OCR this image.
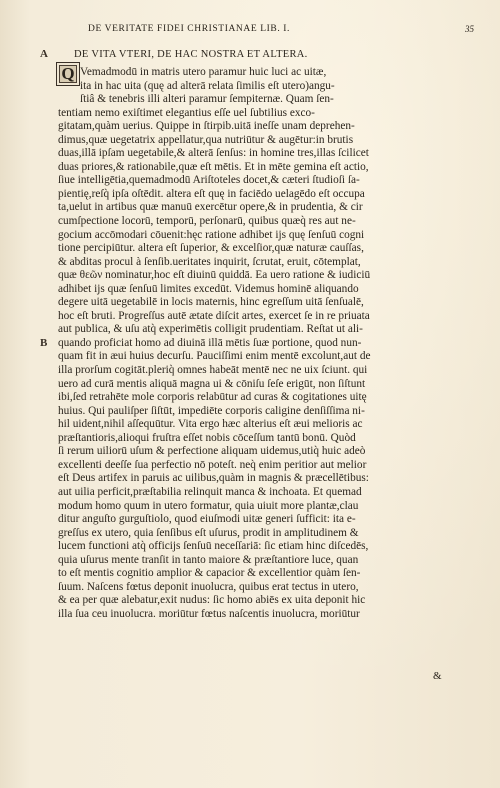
DE VERITATE FIDEI CHRISTIANAE LIB. I.	35
A
B
DE VITA VTERI, DE HAC NOSTRA ET ALTERA.
Q Vemadmodū in matris utero paramur huic luci ac uitæ,
ita in hac uita (quę ad alterā relata ſimilis eſt utero)angu-
ſtiâ & tenebris illi alteri paramur ſempiternæ. Quam ſen-
tentiam nemo exiſtimet elegantius eſſe uel ſubtilius exco-
gitatam,quàm uerius. Quippe in ſtirpib.uitā ineſſe unam deprehen-
dimus,quæ uegetatrix appellatur,qua nutriūtur & augētur:in brutis
duas,illā ipſam uegetabile,& alterā ſenſus: in homine tres,illas ſcilicet
duas priores,& rationabile,quæ eſt mētis. Et in mēte gemina eſt actio,
ſiue intelligētia,quemadmodū Ariſtoteles docet,& cæteri ſtudioſi ſa-
pientię,reſq̀ ipſa oſtēdit. altera eſt quę in faciēdo uelagēdo eſt occupa
ta,uelut in artibus quæ manuū exercētur opere,& in prudentia, & cir
cumſpectione locorū, temporū, perſonarū, quibus quæq̀ res aut ne-
gocium accōmodari cōuenit:hęc ratione adhibet ijs quę ſenſuū cogni
tione percipiūtur. altera eſt ſuperior, & excelſior,quæ naturæ cauſſas,
& abditas procul à ſenſib.ueritates inquirit, ſcrutat, eruit, cōtemplat,
quæ θεῶν nominatur,hoc eſt diuinū quiddā. Ea uero ratione & iudiciū
adhibet ijs quæ ſenſuū limites excedūt. Videmus hominē aliquando
degere uitā uegetabilē in locis maternis, hinc egreſſum uitā ſenſualē,
hoc eſt bruti. Progreſſus autē ætate diſcit artes, exercet ſe in re priuata
aut publica, & uſu atq̀ experimētis colligit prudentiam. Reſtat ut ali-
quando proficiat homo ad diuinā illā mētis ſuæ portione, quod nun-
quam fit in æui huius decurſu. Pauciſſimi enim mentē excolunt,aut de
illa prorſum cogitāt.pleriq̀ omnes habeāt mentē nec ne uix ſciunt. qui
uero ad curā mentis aliquā magna ui & cōniſu ſeſe erigūt, non ſiſtunt
ibi,ſed retrahēte mole corporis relabūtur ad curas & cogitationes uitę
huius. Qui pauliſper ſiſtūt, impediēte corporis caligine denſiſſima ni-
hil uident,nihil aſſequūtur. Vita ergo hæc alterius eſt æui melioris ac
præſtantioris,alioqui fruſtra eſſet nobis cōceſſum tantū bonū. Quòd
ſi rerum uiliorū uſum & perfectione aliquam uidemus,utiq̀ huic adeò
excellenti deeſſe ſua perfectio nō poteſt. neq̀ enim peritior aut melior
eſt Deus artifex in paruis ac uilibus,quàm in magnis & præcellētibus:
aut uilia perficit,præſtabilia relinquit manca & inchoata. Et quemad
modum homo quum in utero formatur, quia uiuit more plantæ,clau
ditur anguſto gurguſtiolo, quod eiuſmodi uitæ generi ſufficit: ita e-
greſſus ex utero, quia ſenſibus eſt uſurus, prodit in amplitudinem &
lucem functioni atq̀ officijs ſenſuū neceſſariā: ſic etiam hinc diſcedēs,
quia uſurus mente tranſit in tanto maiore & præſtantiore luce, quan
to eſt mentis cognitio amplior & capacior & excellentior quàm ſen-
ſuum. Naſcens fœtus deponit inuolucra, quibus erat tectus in utero,
& ea per quæ alebatur,exit nudus: ſic homo abiēs ex uita deponit hic
illa ſua ceu inuolucra. moriūtur fœtus naſcentis inuolucra, moriūtur
&
